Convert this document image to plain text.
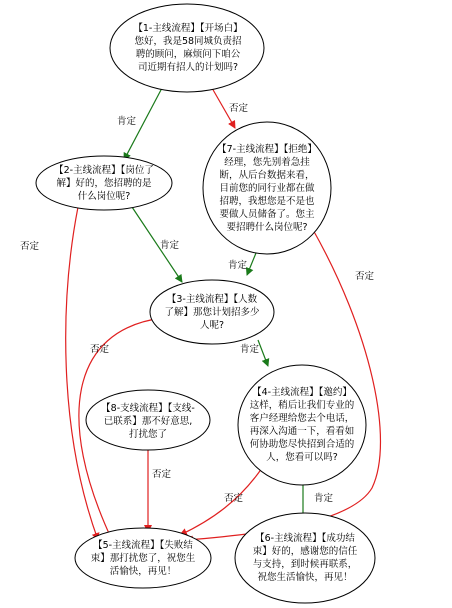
【1-主线流程】【开场白】您好，我是58同城负责招聘的顾问，麻烦问下咱公司近期有招人的计划吗?
【2-主线流程】【岗位了解】好的，您招聘的是什么岗位呢?
【7-主线流程】【拒绝】经理，您先别着急挂断，从后台数据来看，目前您的同行业都在做招聘，我想您是不是也要做人员储备了。您主要招聘什么岗位呢?
【3-主线流程】【人数了解】那您计划招多少人呢?
【4-主线流程】【邀约】这样，稍后让我们专业的客户经理给您去个电话，再深入沟通一下，看看如何协助您尽快招到合适的人，您看可以吗?
【8-支线流程】【支线-已联系】那不好意思,打扰您了
【5-主线流程】【失败结束】那打扰您了，祝您生活愉快，再见！
【6-主线流程】【成功结束】好的，感谢您的信任与支持，到时候再联系，祝您生活愉快，再见！
肯定
否定
否定	肯定
肯定
否定
否定	肯定
否定
否定	肯定
